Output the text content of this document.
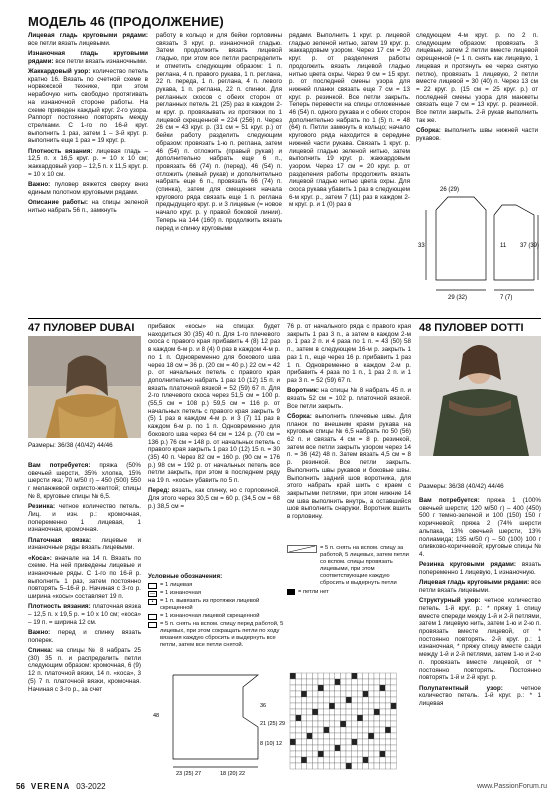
МОДЕЛЬ 46 (ПРОДОЛЖЕНИЕ)

Лицевая гладь круговыми рядами: все петли вязать лицевыми.

Изнаночная гладь круговыми рядами: все петли вязать изнаночными.

Жаккардовый узор: количество петель кратно 16. Вязать по счетной схеме в норвежской технике, при этом нерабочую нить свободно протягивать на изнаночной стороне работы. На схеме приведен каждый круг. 2-го узора. Раппорт постоянно повторять между стрелками. С 1-го по 16-й круг. выполнить 1 раз, затем 1 – 3-й круг. р. выполнить еще 1 раз = 19 круг. р.

Плотность вязания: лицевая гладь – 12,5 п. х 16,5 круг. р. = 10 х 10 см; жаккардовый узор – 12,5 п. х 11,5 круг. р. = 10 х 10 см.

Важно: пуловер вяжется сверху вниз единым полотном круговыми рядами.

Описание работы: на спицы зеленой нитью набрать 56 п., замкнуть

работу в кольцо и для бейки горловины связать 3 круг. р. изнаночной гладью. Затем продолжить вязать лицевой гладью, при этом все петли распределить и отметить следующим образом: 1 п. реглана, 4 п. правого рукава, 1 п. реглана, 22 п. переда, 1 п. реглана, 4 п. левого рукава, 1 п. реглана, 22 п. спинки. Для регланных скосов с обеих сторон от регланных петель 21 (25) раз в каждом 2-м круг. р. провязывать из протяжки по 1 лицевой скрещенной = 224 (256) п. Через 26 см = 43 круг. р. (31 см = 51 круг. р.) от бейки работу разделить следующим образом: провязать 1-ю п. реглана, затем 46 (54) п. отложить (правый рукав) и дополнительно набрать еще 6 п., провязать 66 (74) п. (перед), 46 (54) п. отложить (левый рукав) и дополнительно набрать еще 6 п., провязать 66 (74) п. (спинка), затем для смещения начала кругового ряда связать еще 1 п. реглана предыдущего круг. р. и 3 лицевые (= новое начало круг. р. у правой боковой линии). Теперь на 144 (160) п. продолжить вязать перед и спинку круговыми

рядами. Выполнить 1 круг. р. лицевой гладью зеленой нитью, затем 19 круг. р. жаккардовым узором. Через 17 см = 20 круг. р. от разделения работы продолжить вязать лицевой гладью нитью цвета охры. Через 9 см = 15 круг. р. от последней смены узора для нижней планки связать еще 7 см = 13 круг. р. резинкой. Все петли закрыть. Теперь перевести на спицы отложенные 46 (54) п. одного рукава и с обеих сторон дополнительно набрать по 1 (5) п. = 48 (64) п. Петли замкнуть в кольцо; начало кругового ряда находится в середине нижней части рукава. Связать 1 круг. р. лицевой гладью зеленой нитью, затем выполнить 19 круг. р. жаккардовым узором. Через 17 см = 20 круг. р. от разделения работы продолжить вязать лицевой гладью нитью цвета охры. Для скоса рукава убавить 1 раз в следующем 6-м круг. р., затем 7 (11) раз в каждом 2-м круг. р. и 1 (0) раз в

следующем 4-м круг. р. по 2 п. следующим образом: провязать 3 лицевые, затем 2 петли вместе лицевой скрещенной (= 1 п. снять как лицевую, 1 лицевая и протянуть ее через снятую петлю), провязать 1 лицевую, 2 петли вместе лицевой = 30 (40) п. Через 13 см = 22 круг. р. (15 см = 25 круг. р.) от последней смены узора для манжеты связать еще 7 см = 13 круг. р. резинкой. Все петли закрыть. 2-й рукав выполнить так же.

Сборка: выполнить швы нижней части рукавов.

26 (29)
33
29 (32)
37 (39)
7 (7)
11
47 ПУЛОВЕР DUBAI
Размеры: 36/38 (40/42) 44/46

Вам потребуется: пряжа (50% овечьей шерсти, 35% хлопка, 15% шерсти яка; 70 м/50 г) – 450 (500) 550 г меланжевой охристо-желтой; спицы № 8, круговые спицы № 6,5.

Резинка: четное количество петель. Лиц. и изн. р.: кромочная, попеременно 1 лицевая, 1 изнаночная, кромочная.

Платочная вязка: лицевые и изнаночные ряды вязать лицевыми.

«Коса»: вначале на 14 п. Вязать по схеме. На ней приведены лицевые и изнаночные ряды. С 1-го по 16-й р. выполнить 1 раз, затем постоянно повторять 5–16-й р. Начиная с 3-го р. ширина «косы» составляет 19 п.

Плотность вязания: платочная вязка – 12,5 п. х 19,5 р. = 10 х 10 см; «коса» – 19 п. = ширина 12 см.

Важно: перед и спинку вязать поперек.

Спинка: на спицы № 8 набрать 25 (30) 35 п. и распределить петли следующим образом: кромочная, 6 (9) 12 п. платочной вязки, 14 п. «коса», 3 (5) 7 п. платочной вязки, кромочная. Начиная с 3-го р., за счет

прибавок «косы» на спицах будет находиться 30 (35) 40 п. Для 1-го плечевого скоса с правого края прибавить 4 (8) 12 раз в каждом 6-м р. и 8 (4) 0 раз в каждом 4-м р. по 1 п. Одновременно для бокового шва через 18 см = 36 р. (20 см = 40 р.) 22 см = 42 р. от начальных петель с правого края дополнительно набрать 1 раз 10 (12) 15 п. и вязать платочной вязкой = 52 (59) 67 п. Для 2-го плечевого скоса через 51,5 см = 100 р. (55,5 см = 108 р.) 59,5 см = 116 р. от начальных петель с правого края закрыть 9 (5) 1 раз в каждом 4-м р. и 3 (7) 11 раз в каждом 6-м р. по 1 п. Одновременно для бокового шва через 64 см = 124 р. (70 см = 136 р.) 76 см = 148 р. от начальных петель с правого края закрыть 1 раз 10 (12) 15 п. = 30 (35) 40 п. Через 82 см = 160 р. (90 см = 176 р.) 98 см = 192 р. от начальных петель все петли закрыть, при этом в последнем ряду на 19 п. «косы» убавить по 5 п.

Перед: вязать, как спинку, но с горловиной. Для этого через 30,5 см = 60 р. (34,5 см = 68 р.) 38,5 см =

76 р. от начального ряда с правого края закрыть 1 раз 3 п., а затем в каждом 2-м р. 1 раз 2 п. и 4 раза по 1 п. = 43 (50) 58 п., затем в следующем 16-м р. закрыть 1 раз 1 п., еще через 16 р. прибавить 1 раз 1 п. Одновременно в каждом 2-м р. прибавить 4 раза по 1 п., 1 раз 2 п. и 1 раз 3 п. = 52 (59) 67 п.

Воротник: на спицы № 8 набрать 45 п. и вязать 52 см = 102 р. платочной вязкой. Все петли закрыть.

Сборка: выполнить плечевые швы. Для планок по внешним краям рукава на круговые спицы № 6,5 набрать по 50 (56) 62 п. и связать 4 см = 8 р. резинкой, затем все петли закрыть узором через 14 п. = 36 (42) 48 п. Затем вязать 4,5 см = 8 р. резинкой. Все петли закрыть. Выполнить швы рукавов и боковые швы. Выполнить задний шов воротника, для этого набрать край шить с краем с закрытыми петлями, при этом нижние 14 см шва выполнить внутрь, а оставшийся шов выполнить снаружи. Воротник вшить в горловину.

Условные обозначения:
= 1 лицевая
— = 1 изнаночная
•	= 1 п. вывязать из протяжки лицевой скрещенной
= 1 изнаночная лицевой скрещенной
= 5 п. снять на вспом. спицу перед работой, 5 лицевых, при этом сокращать петли по ходу вязания каждую сбросить и выдернуть все петли, затем все петли снятой.
= 5 п. снять на вспом. спицу за работой, 5 лицевых, затем петли со вспом. спицы провязать лицевыми, при этом соответствующие каждую сбросить и выдернуть петли
= петли нет
21 (25) 29
36
23 (25) 27	18 (20) 22
8 (10) 12
48
48 ПУЛОВЕР DOTTI
Размеры: 36/38 (40/42) 44/46

Вам потребуется: пряжа 1 (100% овечьей шерсти; 120 м/50 г) – 400 (450) 500 г темно-зеленой и 100 (150) 150 г коричневой; пряжа 2 (74% шерсти альпака, 13% овечьей шерсти, 13% полиамида; 135 м/50 г) – 50 (100) 100 г оливково-коричневой; круговые спицы № 4.

Резинка круговыми рядами: вязать попеременно 1 лицевую, 1 изнаночную.

Лицевая гладь круговыми рядами: все петли вязать лицевыми.

Структурный узор: четное количество петель. 1-й круг. р.: * пряжу 1 спицу вместе спереди между 1-й и 2-й петлями, затем 1 лицевую нить, затем 1-ю и 2-ю п. провязать вместе лицевой, от * постоянно повторять. 2-й круг. р.: 1 изнаночная, * пряжу спицу вместе сзади между 1-й и 2-й петлями, затем 1-ю и 2-ю п. провязать вместе лицевой, от * постоянно повторять. Постоянно повторять 1-й и 2-й круг. р.

Полупатентный узор: четное количество петель. 1-й круг. р.: * 1 лицевая

56 VERENA 03-2022	www.PassionForum.ru
